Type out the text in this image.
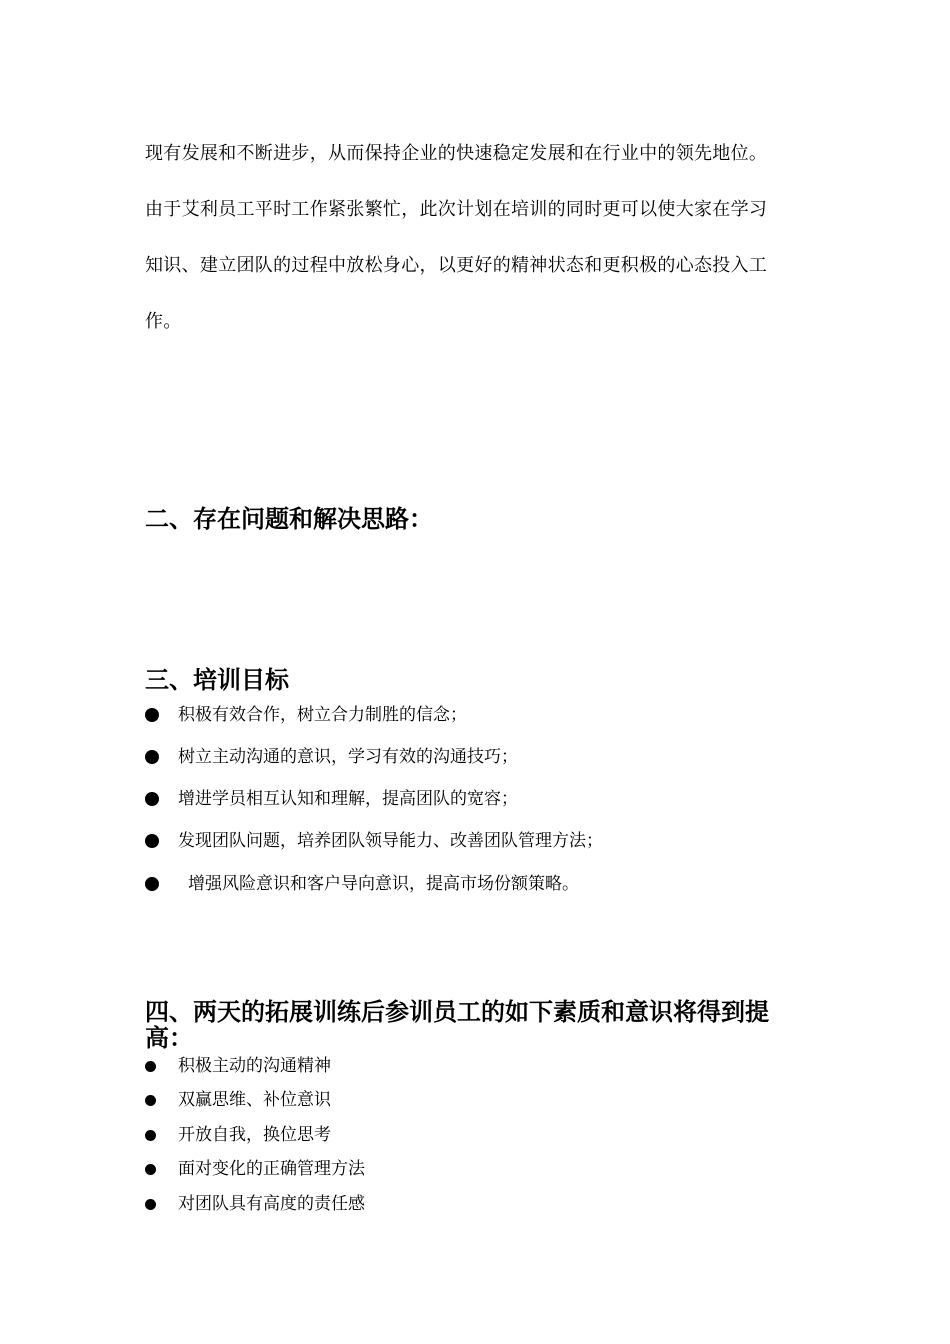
现有发展和不断进步，从而保持企业的快速稳定发展和在行业中的领先地位。
由于艾利员工平时工作紧张繁忙，此次计划在培训的同时更可以使大家在学习
知识、建立团队的过程中放松身心，以更好的精神状态和更积极的心态投入工
作。
二、存在问题和解决思路：
三、培训目标
积极有效合作，树立合力制胜的信念；
树立主动沟通的意识，学习有效的沟通技巧；
增进学员相互认知和理解，提高团队的宽容；
发现团队问题，培养团队领导能力、改善团队管理方法；
增强风险意识和客户导向意识，提高市场份额策略。
四、两天的拓展训练后参训员工的如下素质和意识将得到提高：
积极主动的沟通精神
双赢思维、补位意识
开放自我，换位思考
面对变化的正确管理方法
对团队具有高度的责任感
